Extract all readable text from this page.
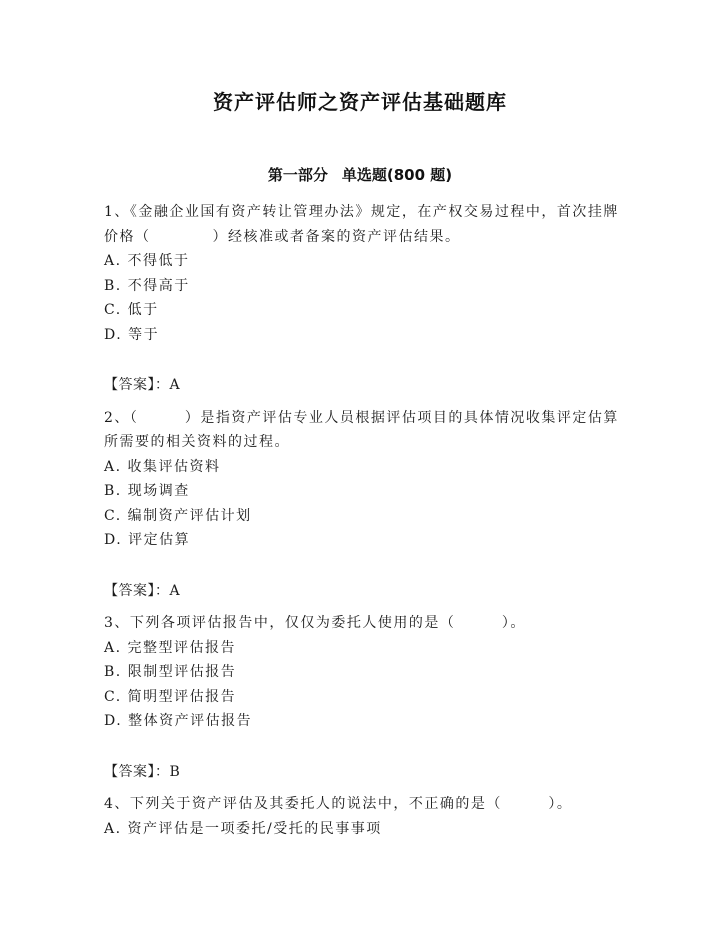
资产评估师之资产评估基础题库
第一部分 单选题(800 题)

1、《金融企业国有资产转让管理办法》规定，在产权交易过程中，首次挂牌价格（　　　　）经核准或者备案的资产评估结果。

A. 不得低于
B. 不得高于
C. 低于
D. 等于
【答案】：A

2、（　　　）是指资产评估专业人员根据评估项目的具体情况收集评定估算所需要的相关资料的过程。

A. 收集评估资料
B. 现场调查
C. 编制资产评估计划
D. 评定估算
【答案】：A

3、下列各项评估报告中，仅仅为委托人使用的是（　　　）。

A. 完整型评估报告
B. 限制型评估报告
C. 简明型评估报告
D. 整体资产评估报告
【答案】：B

4、下列关于资产评估及其委托人的说法中，不正确的是（　　　）。

A. 资产评估是一项委托/受托的民事事项
